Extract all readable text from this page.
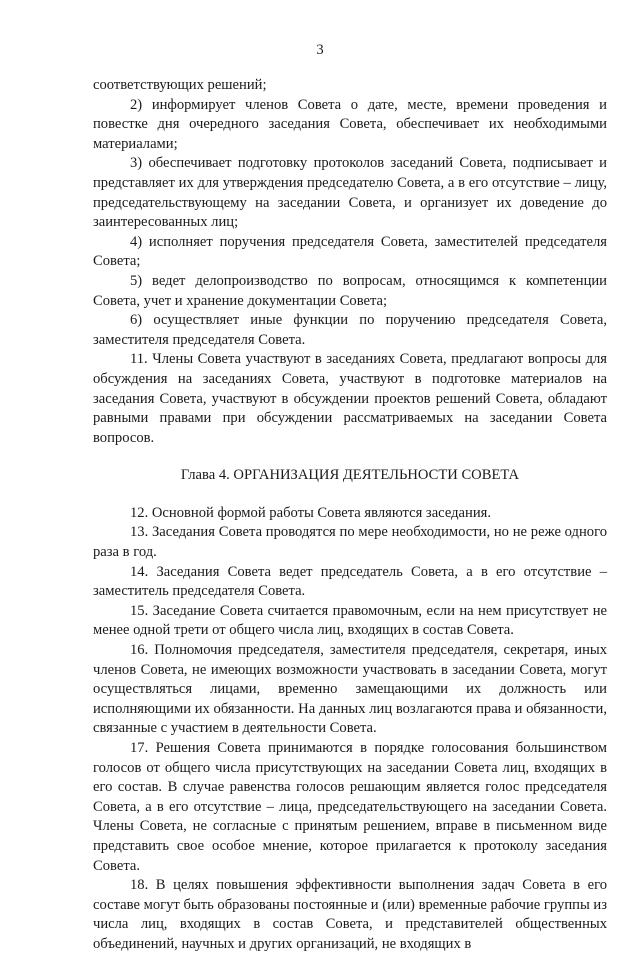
3

соответствующих решений;

2) информирует членов Совета о дате, месте, времени проведения и повестке дня очередного заседания Совета, обеспечивает их необходимыми материалами;

3) обеспечивает подготовку протоколов заседаний Совета, подписывает и представляет их для утверждения председателю Совета, а в его отсутствие – лицу, председательствующему на заседании Совета, и организует их доведение до заинтересованных лиц;

4) исполняет поручения председателя Совета, заместителей председателя Совета;

5) ведет делопроизводство по вопросам, относящимся к компетенции Совета, учет и хранение документации Совета;

6) осуществляет иные функции по поручению председателя Совета, заместителя председателя Совета.

11. Члены Совета участвуют в заседаниях Совета, предлагают вопросы для обсуждения на заседаниях Совета, участвуют в подготовке материалов на заседания Совета, участвуют в обсуждении проектов решений Совета, обладают равными правами при обсуждении рассматриваемых на заседании Совета вопросов.

Глава 4. ОРГАНИЗАЦИЯ ДЕЯТЕЛЬНОСТИ СОВЕТА

12. Основной формой работы Совета являются заседания.

13. Заседания Совета проводятся по мере необходимости, но не реже одного раза в год.

14. Заседания Совета ведет председатель Совета, а в его отсутствие – заместитель председателя Совета.

15. Заседание Совета считается правомочным, если на нем присутствует не менее одной трети от общего числа лиц, входящих в состав Совета.

16. Полномочия председателя, заместителя председателя, секретаря, иных членов Совета, не имеющих возможности участвовать в заседании Совета, могут осуществляться лицами, временно замещающими их должность или исполняющими их обязанности. На данных лиц возлагаются права и обязанности, связанные с участием в деятельности Совета.

17. Решения Совета принимаются в порядке голосования большинством голосов от общего числа присутствующих на заседании Совета лиц, входящих в его состав. В случае равенства голосов решающим является голос председателя Совета, а в его отсутствие – лица, председательствующего на заседании Совета. Члены Совета, не согласные с принятым решением, вправе в письменном виде представить свое особое мнение, которое прилагается к протоколу заседания Совета.

18. В целях повышения эффективности выполнения задач Совета в его составе могут быть образованы постоянные и (или) временные рабочие группы из числа лиц, входящих в состав Совета, и представителей общественных объединений, научных и других организаций, не входящих в
